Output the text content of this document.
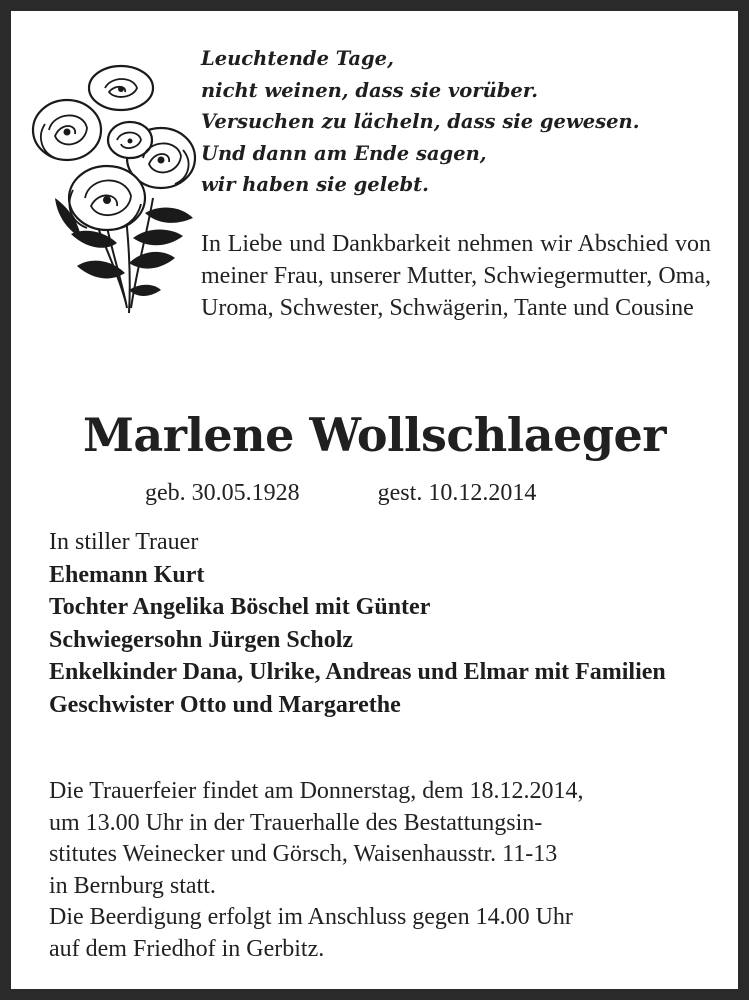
Leuchtende Tage,
nicht weinen, dass sie vorüber.
Versuchen zu lächeln, dass sie gewesen.
Und dann am Ende sagen,
wir haben sie gelebt.

In Liebe und Dankbarkeit nehmen wir Abschied von meiner Frau, unserer Mutter, Schwiegermutter, Oma, Uroma, Schwester, Schwägerin, Tante und Cousine

Marlene Wollschlaeger
geb. 30.05.1928	gest. 10.12.2014
In stiller Trauer
Ehemann Kurt
Tochter Angelika Böschel mit Günter
Schwiegersohn Jürgen Scholz
Enkelkinder Dana, Ulrike, Andreas und Elmar mit Familien
Geschwister Otto und Margarethe
Die Trauerfeier findet am Donnerstag, dem 18.12.2014,
um 13.00 Uhr in der Trauerhalle des Bestattungsin-
stitutes Weinecker und Görsch, Waisenhausstr. 11-13
in Bernburg statt.
Die Beerdigung erfolgt im Anschluss gegen 14.00 Uhr
auf dem Friedhof in Gerbitz.
